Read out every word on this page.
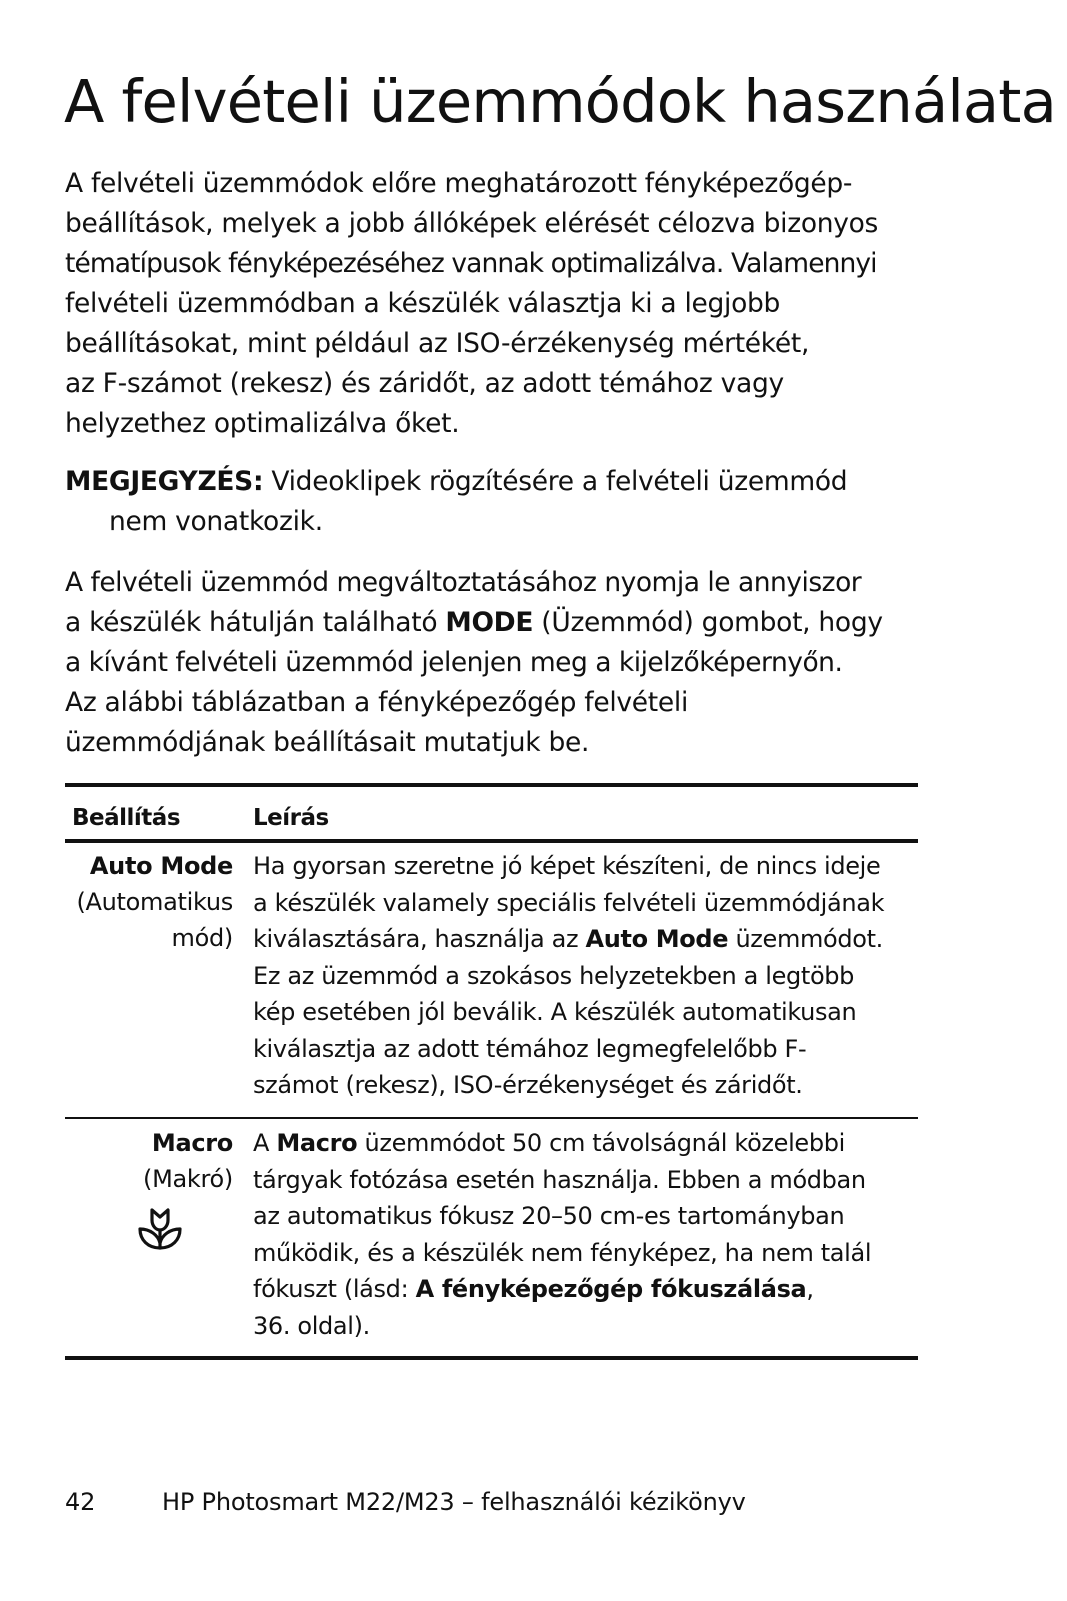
A felvételi üzemmódok használata
A felvételi üzemmódok előre meghatározott fényképezőgép-
beállítások, melyek a jobb állóképek elérését célozva bizonyos
tématípusok fényképezéséhez vannak optimalizálva. Valamennyi
felvételi üzemmódban a készülék választja ki a legjobb
beállításokat, mint például az ISO-érzékenység mértékét,
az F-számot (rekesz) és záridőt, az adott témához vagy
helyzethez optimalizálva őket.
MEGJEGYZÉS: Videoklipek rögzítésére a felvételi üzemmód
nem vonatkozik.
A felvételi üzemmód megváltoztatásához nyomja le annyiszor
a készülék hátulján található MODE (Üzemmód) gombot, hogy
a kívánt felvételi üzemmód jelenjen meg a kijelzőképernyőn.
Az alábbi táblázatban a fényképezőgép felvételi
üzemmódjának beállításait mutatjuk be.
Beállítás	Leírás
Auto Mode
(Automatikus
mód)
Ha gyorsan szeretne jó képet készíteni, de nincs ideje
a készülék valamely speciális felvételi üzemmódjának
kiválasztására, használja az Auto Mode üzemmódot.
Ez az üzemmód a szokásos helyzetekben a legtöbb
kép esetében jól beválik. A készülék automatikusan
kiválasztja az adott témához legmegfelelőbb F-
számot (rekesz), ISO-érzékenységet és záridőt.
Macro
(Makró)
A Macro üzemmódot 50 cm távolságnál közelebbi
tárgyak fotózása esetén használja. Ebben a módban
az automatikus fókusz 20–50 cm-es tartományban
működik, és a készülék nem fényképez, ha nem talál
fókuszt (lásd: A fényképezőgép fókuszálása,
36. oldal).
42	HP Photosmart M22/M23 – felhasználói kézikönyv
